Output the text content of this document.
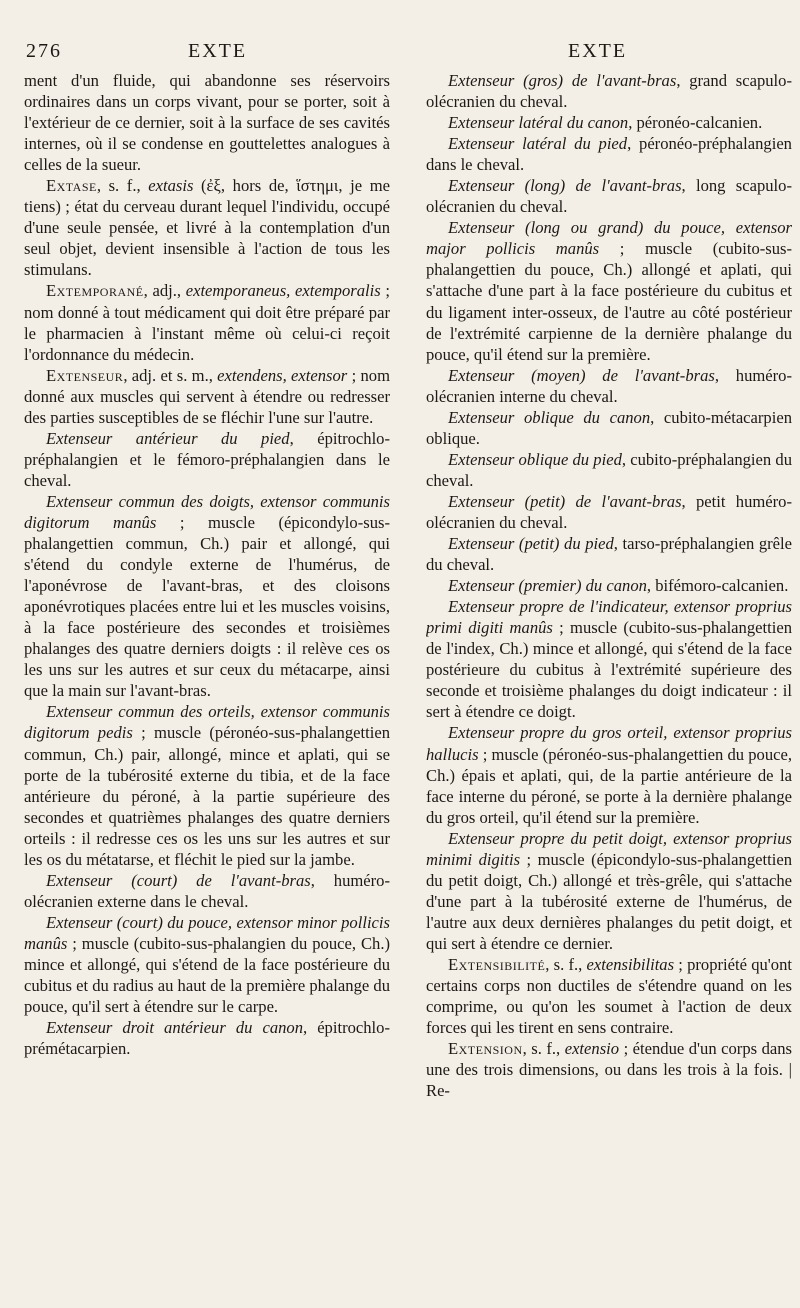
276	EXTE	EXTE

ment d'un fluide, qui abandonne ses réservoirs ordinaires dans un corps vivant, pour se porter, soit à l'extérieur de ce dernier, soit à la surface de ses cavités internes, où il se condense en gouttelettes analogues à celles de la sueur.

Extase, s. f., extasis (ἐξ, hors de, ἵστημι, je me tiens) ; état du cerveau durant lequel l'individu, occupé d'une seule pensée, et livré à la contemplation d'un seul objet, devient insensible à l'action de tous les stimulans.

Extemporané, adj., extemporaneus, extemporalis ; nom donné à tout médicament qui doit être préparé par le pharmacien à l'instant même où celui-ci reçoit l'ordonnance du médecin.

Extenseur, adj. et s. m., extendens, extensor ; nom donné aux muscles qui servent à étendre ou redresser des parties susceptibles de se fléchir l'une sur l'autre.

Extenseur antérieur du pied, épitrochlo-préphalangien et le fémoro-préphalangien dans le cheval.

Extenseur commun des doigts, extensor communis digitorum manûs ; muscle (épicondylo-sus-phalangettien commun, Ch.) pair et allongé, qui s'étend du condyle externe de l'humérus, de l'aponévrose de l'avant-bras, et des cloisons aponévrotiques placées entre lui et les muscles voisins, à la face postérieure des secondes et troisièmes phalanges des quatre derniers doigts : il relève ces os les uns sur les autres et sur ceux du métacarpe, ainsi que la main sur l'avant-bras.

Extenseur commun des orteils, extensor communis digitorum pedis ; muscle (péronéo-sus-phalangettien commun, Ch.) pair, allongé, mince et aplati, qui se porte de la tubérosité externe du tibia, et de la face antérieure du péroné, à la partie supérieure des secondes et quatrièmes phalanges des quatre derniers orteils : il redresse ces os les uns sur les autres et sur les os du métatarse, et fléchit le pied sur la jambe.

Extenseur (court) de l'avant-bras, huméro-olécranien externe dans le cheval.

Extenseur (court) du pouce, extensor minor pollicis manûs ; muscle (cubito-sus-phalangien du pouce, Ch.) mince et allongé, qui s'étend de la face postérieure du cubitus et du radius au haut de la première phalange du pouce, qu'il sert à étendre sur le carpe.

Extenseur droit antérieur du canon, épitrochlo-prémétacarpien.

Extenseur (gros) de l'avant-bras, grand scapulo-olécranien du cheval.

Extenseur latéral du canon, péronéo-calcanien.

Extenseur latéral du pied, péronéo-préphalangien dans le cheval.

Extenseur (long) de l'avant-bras, long scapulo-olécranien du cheval.

Extenseur (long ou grand) du pouce, extensor major pollicis manûs ; muscle (cubito-sus-phalangettien du pouce, Ch.) allongé et aplati, qui s'attache d'une part à la face postérieure du cubitus et du ligament inter-osseux, de l'autre au côté postérieur de l'extrémité carpienne de la dernière phalange du pouce, qu'il étend sur la première.

Extenseur (moyen) de l'avant-bras, huméro-olécranien interne du cheval.

Extenseur oblique du canon, cubito-métacarpien oblique.

Extenseur oblique du pied, cubito-préphalangien du cheval.

Extenseur (petit) de l'avant-bras, petit huméro-olécranien du cheval.

Extenseur (petit) du pied, tarso-préphalangien grêle du cheval.

Extenseur (premier) du canon, bifémoro-calcanien.

Extenseur propre de l'indicateur, extensor proprius primi digiti manûs ; muscle (cubito-sus-phalangettien de l'index, Ch.) mince et allongé, qui s'étend de la face postérieure du cubitus à l'extrémité supérieure des seconde et troisième phalanges du doigt indicateur : il sert à étendre ce doigt.

Extenseur propre du gros orteil, extensor proprius hallucis ; muscle (péronéo-sus-phalangettien du pouce, Ch.) épais et aplati, qui, de la partie antérieure de la face interne du péroné, se porte à la dernière phalange du gros orteil, qu'il étend sur la première.

Extenseur propre du petit doigt, extensor proprius minimi digitis ; muscle (épicondylo-sus-phalangettien du petit doigt, Ch.) allongé et très-grêle, qui s'attache d'une part à la tubérosité externe de l'humérus, de l'autre aux deux dernières phalanges du petit doigt, et qui sert à étendre ce dernier.

Extensibilité, s. f., extensibilitas ; propriété qu'ont certains corps non ductiles de s'étendre quand on les comprime, ou qu'on les soumet à l'action de deux forces qui les tirent en sens contraire.

Extension, s. f., extensio ; étendue d'un corps dans une des trois dimensions, ou dans les trois à la fois. | Re-
